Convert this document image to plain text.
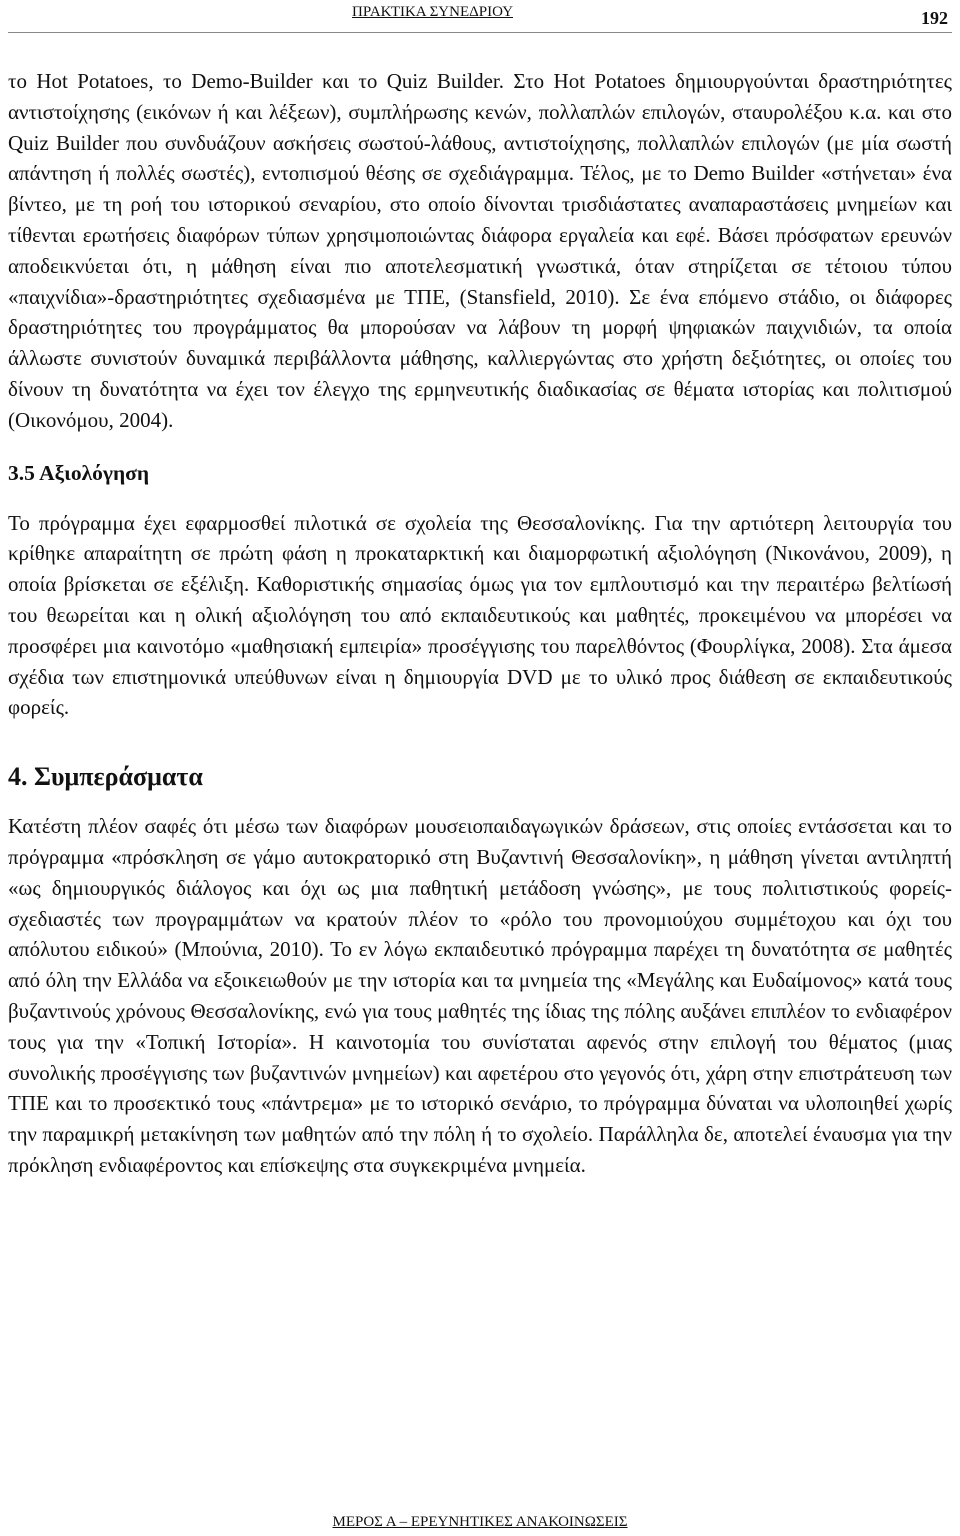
ΠΡΑΚΤΙΚΑ ΣΥΝΕΔΡΙΟΥ	192

το Hot Potatoes, το Demo-Builder και το Quiz Builder. Στο Hot Potatoes δημιουργούνται δραστηριότητες αντιστοίχησης (εικόνων ή και λέξεων), συμπλήρωσης κενών, πολλαπλών επιλογών, σταυρολέξου κ.α. και στο Quiz Builder που συνδυάζουν ασκήσεις σωστού-λάθους, αντιστοίχησης, πολλαπλών επιλογών (με μία σωστή απάντηση ή πολλές σωστές), εντοπισμού θέσης σε σχεδιάγραμμα. Τέλος, με το Demo Builder «στήνεται» ένα βίντεο, με τη ροή του ιστορικού σεναρίου, στο οποίο δίνονται τρισδιάστατες αναπαραστάσεις μνημείων και τίθενται ερωτήσεις διαφόρων τύπων χρησιμοποιώντας διάφορα εργαλεία και εφέ. Βάσει πρόσφατων ερευνών αποδεικνύεται ότι, η μάθηση είναι πιο αποτελεσματική γνωστικά, όταν στηρίζεται σε τέτοιου τύπου «παιχνίδια»-δραστηριότητες σχεδιασμένα με ΤΠΕ, (Stansfield, 2010). Σε ένα επόμενο στάδιο, οι διάφορες δραστηριότητες του προγράμματος θα μπορούσαν να λάβουν τη μορφή ψηφιακών παιχνιδιών, τα οποία άλλωστε συνιστούν δυναμικά περιβάλλοντα μάθησης, καλλιεργώντας στο χρήστη δεξιότητες, οι οποίες του δίνουν τη δυνατότητα να έχει τον έλεγχο της ερμηνευτικής διαδικασίας σε θέματα ιστορίας και πολιτισμού (Οικονόμου, 2004).

3.5 Αξιολόγηση

Το πρόγραμμα έχει εφαρμοσθεί πιλοτικά σε σχολεία της Θεσσαλονίκης. Για την αρτιότερη λειτουργία του κρίθηκε απαραίτητη σε πρώτη φάση η προκαταρκτική και διαμορφωτική αξιολόγηση (Νικονάνου, 2009), η οποία βρίσκεται σε εξέλιξη. Καθοριστικής σημασίας όμως για τον εμπλουτισμό και την περαιτέρω βελτίωσή του θεωρείται και η ολική αξιολόγηση του από εκπαιδευτικούς και μαθητές, προκειμένου να μπορέσει να προσφέρει μια καινοτόμο «μαθησιακή εμπειρία» προσέγγισης του παρελθόντος (Φουρλίγκα, 2008). Στα άμεσα σχέδια των επιστημονικά υπεύθυνων είναι η δημιουργία DVD με το υλικό προς διάθεση σε εκπαιδευτικούς φορείς.

4. Συμπεράσματα

Κατέστη πλέον σαφές ότι μέσω των διαφόρων μουσειοπαιδαγωγικών δράσεων, στις οποίες εντάσσεται και το πρόγραμμα «πρόσκληση σε γάμο αυτοκρατορικό στη Βυζαντινή Θεσσαλονίκη», η μάθηση γίνεται αντιληπτή «ως δημιουργικός διάλογος και όχι ως μια παθητική μετάδοση γνώσης», με τους πολιτιστικούς φορείς-σχεδιαστές των προγραμμάτων να κρατούν πλέον το «ρόλο του προνομιούχου συμμέτοχου και όχι του απόλυτου ειδικού» (Μπούνια, 2010). Το εν λόγω εκπαιδευτικό πρόγραμμα παρέχει τη δυνατότητα σε μαθητές από όλη την Ελλάδα να εξοικειωθούν με την ιστορία και τα μνημεία της «Μεγάλης και Ευδαίμονος» κατά τους βυζαντινούς χρόνους Θεσσαλονίκης, ενώ για τους μαθητές της ίδιας της πόλης αυξάνει επιπλέον το ενδιαφέρον τους για την «Τοπική Ιστορία». Η καινοτομία του συνίσταται αφενός στην επιλογή του θέματος (μιας συνολικής προσέγγισης των βυζαντινών μνημείων) και αφετέρου στο γεγονός ότι, χάρη στην επιστράτευση των ΤΠΕ και το προσεκτικό τους «πάντρεμα» με το ιστορικό σενάριο, το πρόγραμμα δύναται να υλοποιηθεί χωρίς την παραμικρή μετακίνηση των μαθητών από την πόλη ή το σχολείο. Παράλληλα δε, αποτελεί έναυσμα για την πρόκληση ενδιαφέροντος και επίσκεψης στα συγκεκριμένα μνημεία.

ΜΕΡΟΣ Α – ΕΡΕΥΝΗΤΙΚΕΣ ΑΝΑΚΟΙΝΩΣΕΙΣ
